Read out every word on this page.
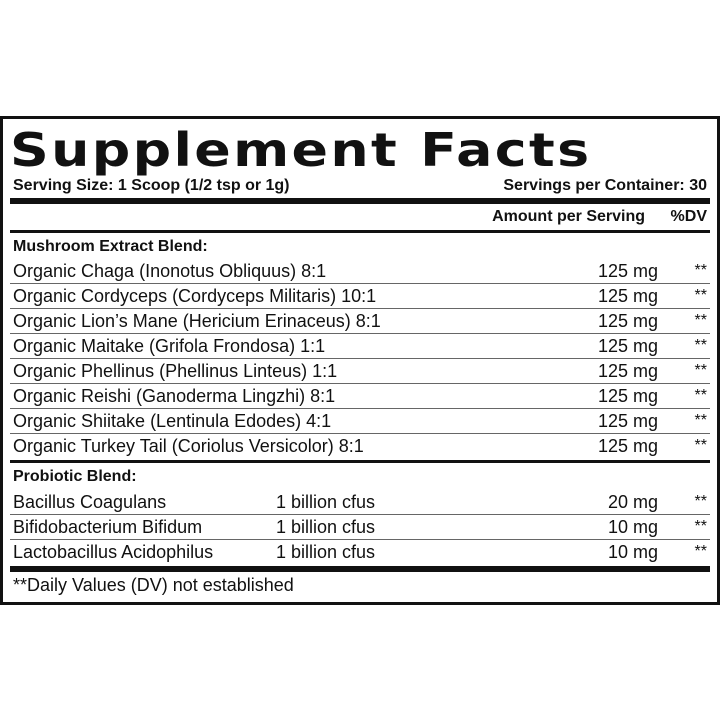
Supplement Facts
Serving Size: 1 Scoop (1/2 tsp or 1g)	Servings per Container: 30
Amount per Serving %DV
Mushroom Extract Blend:
Organic Chaga (Inonotus Obliquus) 8:1	125 mg **
Organic Cordyceps (Cordyceps Militaris) 10:1	125 mg **
Organic Lion’s Mane (Hericium Erinaceus) 8:1	125 mg **
Organic Maitake (Grifola Frondosa) 1:1	125 mg **
Organic Phellinus (Phellinus Linteus) 1:1	125 mg **
Organic Reishi (Ganoderma Lingzhi) 8:1	125 mg **
Organic Shiitake (Lentinula Edodes) 4:1	125 mg **
Organic Turkey Tail (Coriolus Versicolor) 8:1	125 mg **
Probiotic Blend:
Bacillus Coagulans	1 billion cfus	20 mg **
Bifidobacterium Bifidum	1 billion cfus	10 mg **
Lactobacillus Acidophilus	1 billion cfus	10 mg **
**Daily Values (DV) not established
